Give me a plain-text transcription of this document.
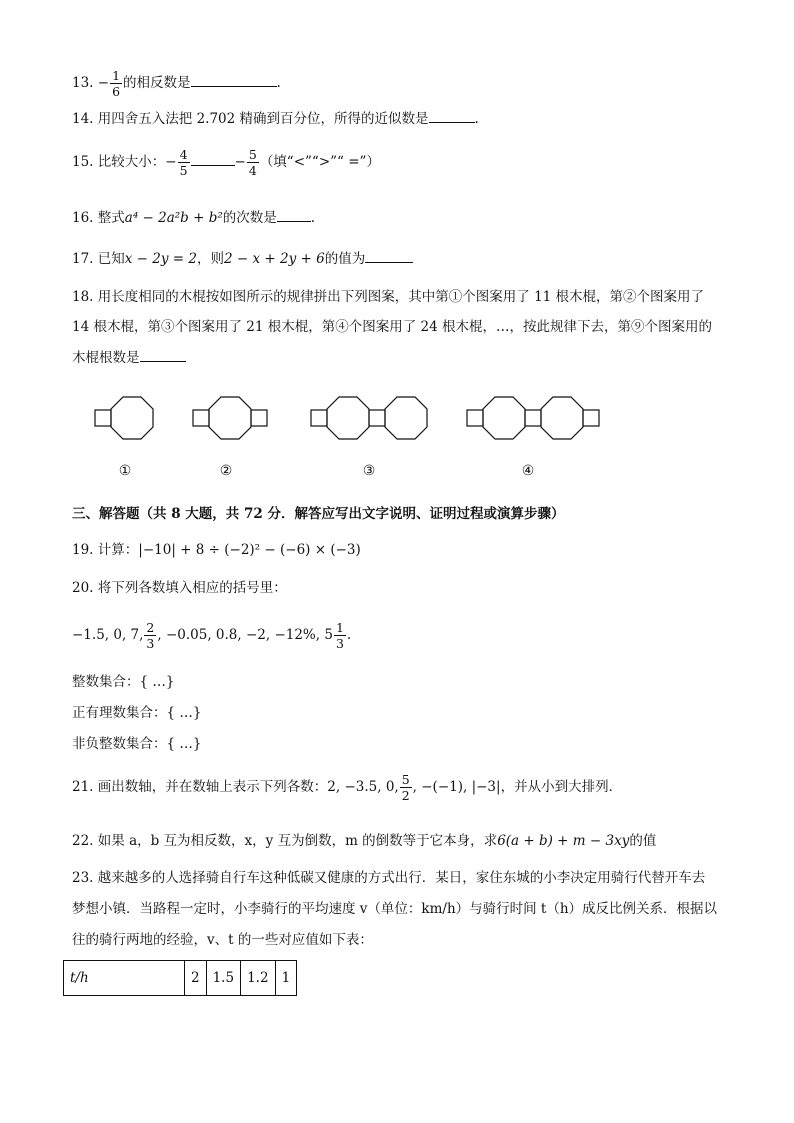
13. − $\frac{1}{6}$ 的相反数是	.
14. 用四舍五入法把 2.702 精确到百分位，所得的近似数是	.
15. 比较大小：− $\frac{4}{5}$	− $\frac{5}{4}$ （填“<”“>”“ =”）
16. 整式a⁴ − 2a²b + b²的次数是	.
17. 已知x − 2y = 2，则2 − x + 2y + 6的值为
18. 用长度相同的木棍按如图所示的规律拼出下列图案，其中第①个图案用了 11 根木棍，第②个图案用了
14 根木棍，第③个图案用了 21 根木棍，第④个图案用了 24 根木棍，…，按此规律下去，第⑨个图案用的
木棍根数是
①	②	③	④
三、解答题（共 8 大题，共 72 分．解答应写出文字说明、证明过程或演算步骤）
19. 计算：|−10| + 8 ÷ (−2)² − (−6) × (−3)
20. 将下列各数填入相应的括号里：
−1.5, 0, 7, $\frac{2}{3}$ , −0.05, 0.8, −2, −12%, $5 \frac{1}{3}$ .
整数集合：{ …}
正有理数集合：{ …}
非负整数集合：{ …}
21. 画出数轴，并在数轴上表示下列各数：2, −3.5, 0, $\frac{5}{2}$ , −(−1), |−3|，并从小到大排列．
22. 如果 a，b 互为相反数，x，y 互为倒数，m 的倒数等于它本身，求6(a + b) + m − 3xy的值
23. 越来越多的人选择骑自行车这种低碳又健康的方式出行．某日，家住东城的小李决定用骑行代替开车去
梦想小镇．当路程一定时，小李骑行的平均速度 v（单位：km/h）与骑行时间 t（h）成反比例关系．根据以
往的骑行两地的经验，v、t 的一些对应值如下表：
t/h	2	1.5	1.2	1
